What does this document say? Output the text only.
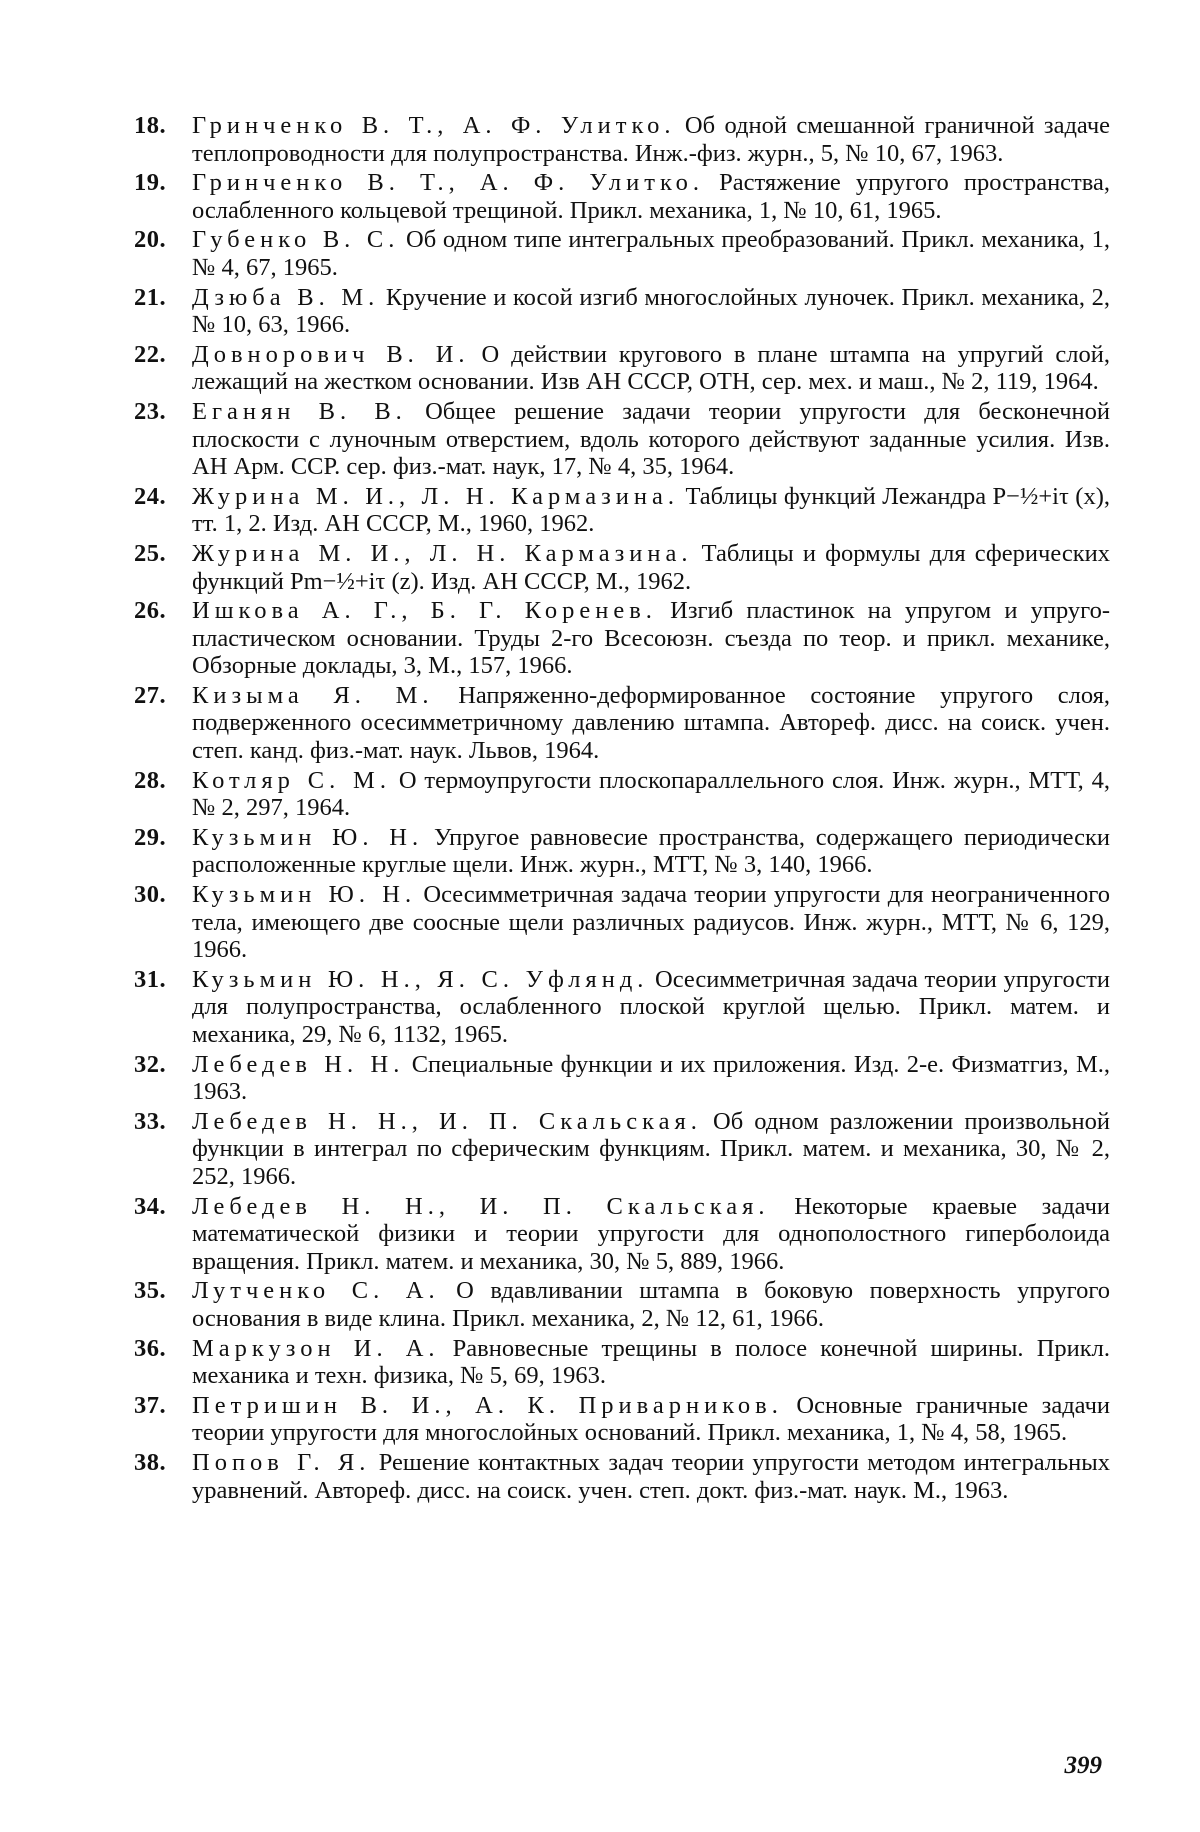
18. Гринченко В. Т., А. Ф. Улитко. Об одной смешанной граничной задаче теплопроводности для полупространства. Инж.-физ. журн., 5, № 10, 67, 1963.
19. Гринченко В. Т., А. Ф. Улитко. Растяжение упругого пространства, ослабленного кольцевой трещиной. Прикл. механика, 1, № 10, 61, 1965.
20. Губенко В. С. Об одном типе интегральных преобразований. Прикл. механика, 1, № 4, 67, 1965.
21. Дзюба В. М. Кручение и косой изгиб многослойных луночек. Прикл. механика, 2, № 10, 63, 1966.
22. Довнорович В. И. О действии кругового в плане штампа на упругий слой, лежащий на жестком основании. Изв АН СССР, ОТН, сер. мех. и маш., № 2, 119, 1964.
23. Еганян В. В. Общее решение задачи теории упругости для бесконечной плоскости с луночным отверстием, вдоль которого действуют заданные усилия. Изв. АН Арм. ССР. сер. физ.-мат. наук, 17, № 4, 35, 1964.
24. Журина М. И., Л. Н. Кармазина. Таблицы функций Лежандра P−½+iτ (x), тт. 1, 2. Изд. АН СССР, М., 1960, 1962.
25. Журина М. И., Л. Н. Кармазина. Таблицы и формулы для сферических функций Pm−½+iτ (z). Изд. АН СССР, М., 1962.
26. Ишкова А. Г., Б. Г. Коренев. Изгиб пластинок на упругом и упруго-пластическом основании. Труды 2-го Всесоюзн. съезда по теор. и прикл. механике, Обзорные доклады, 3, М., 157, 1966.
27. Кизыма Я. М. Напряженно-деформированное состояние упругого слоя, подверженного осесимметричному давлению штампа. Автореф. дисс. на соиск. учен. степ. канд. физ.-мат. наук. Львов, 1964.
28. Котляр С. М. О термоупругости плоскопараллельного слоя. Инж. журн., МТТ, 4, № 2, 297, 1964.
29. Кузьмин Ю. Н. Упругое равновесие пространства, содержащего периодически расположенные круглые щели. Инж. журн., МТТ, № 3, 140, 1966.
30. Кузьмин Ю. Н. Осесимметричная задача теории упругости для неограниченного тела, имеющего две соосные щели различных радиусов. Инж. журн., МТТ, № 6, 129, 1966.
31. Кузьмин Ю. Н., Я. С. Уфлянд. Осесимметричная задача теории упругости для полупространства, ослабленного плоской круглой щелью. Прикл. матем. и механика, 29, № 6, 1132, 1965.
32. Лебедев Н. Н. Специальные функции и их приложения. Изд. 2-е. Физматгиз, М., 1963.
33. Лебедев Н. Н., И. П. Скальская. Об одном разложении произвольной функции в интеграл по сферическим функциям. Прикл. матем. и механика, 30, № 2, 252, 1966.
34. Лебедев Н. Н., И. П. Скальская. Некоторые краевые задачи математической физики и теории упругости для однополостного гиперболоида вращения. Прикл. матем. и механика, 30, № 5, 889, 1966.
35. Лутченко С. А. О вдавливании штампа в боковую поверхность упругого основания в виде клина. Прикл. механика, 2, № 12, 61, 1966.
36. Маркузон И. А. Равновесные трещины в полосе конечной ширины. Прикл. механика и техн. физика, № 5, 69, 1963.
37. Петришин В. И., А. К. Приварников. Основные граничные задачи теории упругости для многослойных оснований. Прикл. механика, 1, № 4, 58, 1965.
38. Попов Г. Я. Решение контактных задач теории упругости методом интегральных уравнений. Автореф. дисс. на соиск. учен. степ. докт. физ.-мат. наук. М., 1963.
399
